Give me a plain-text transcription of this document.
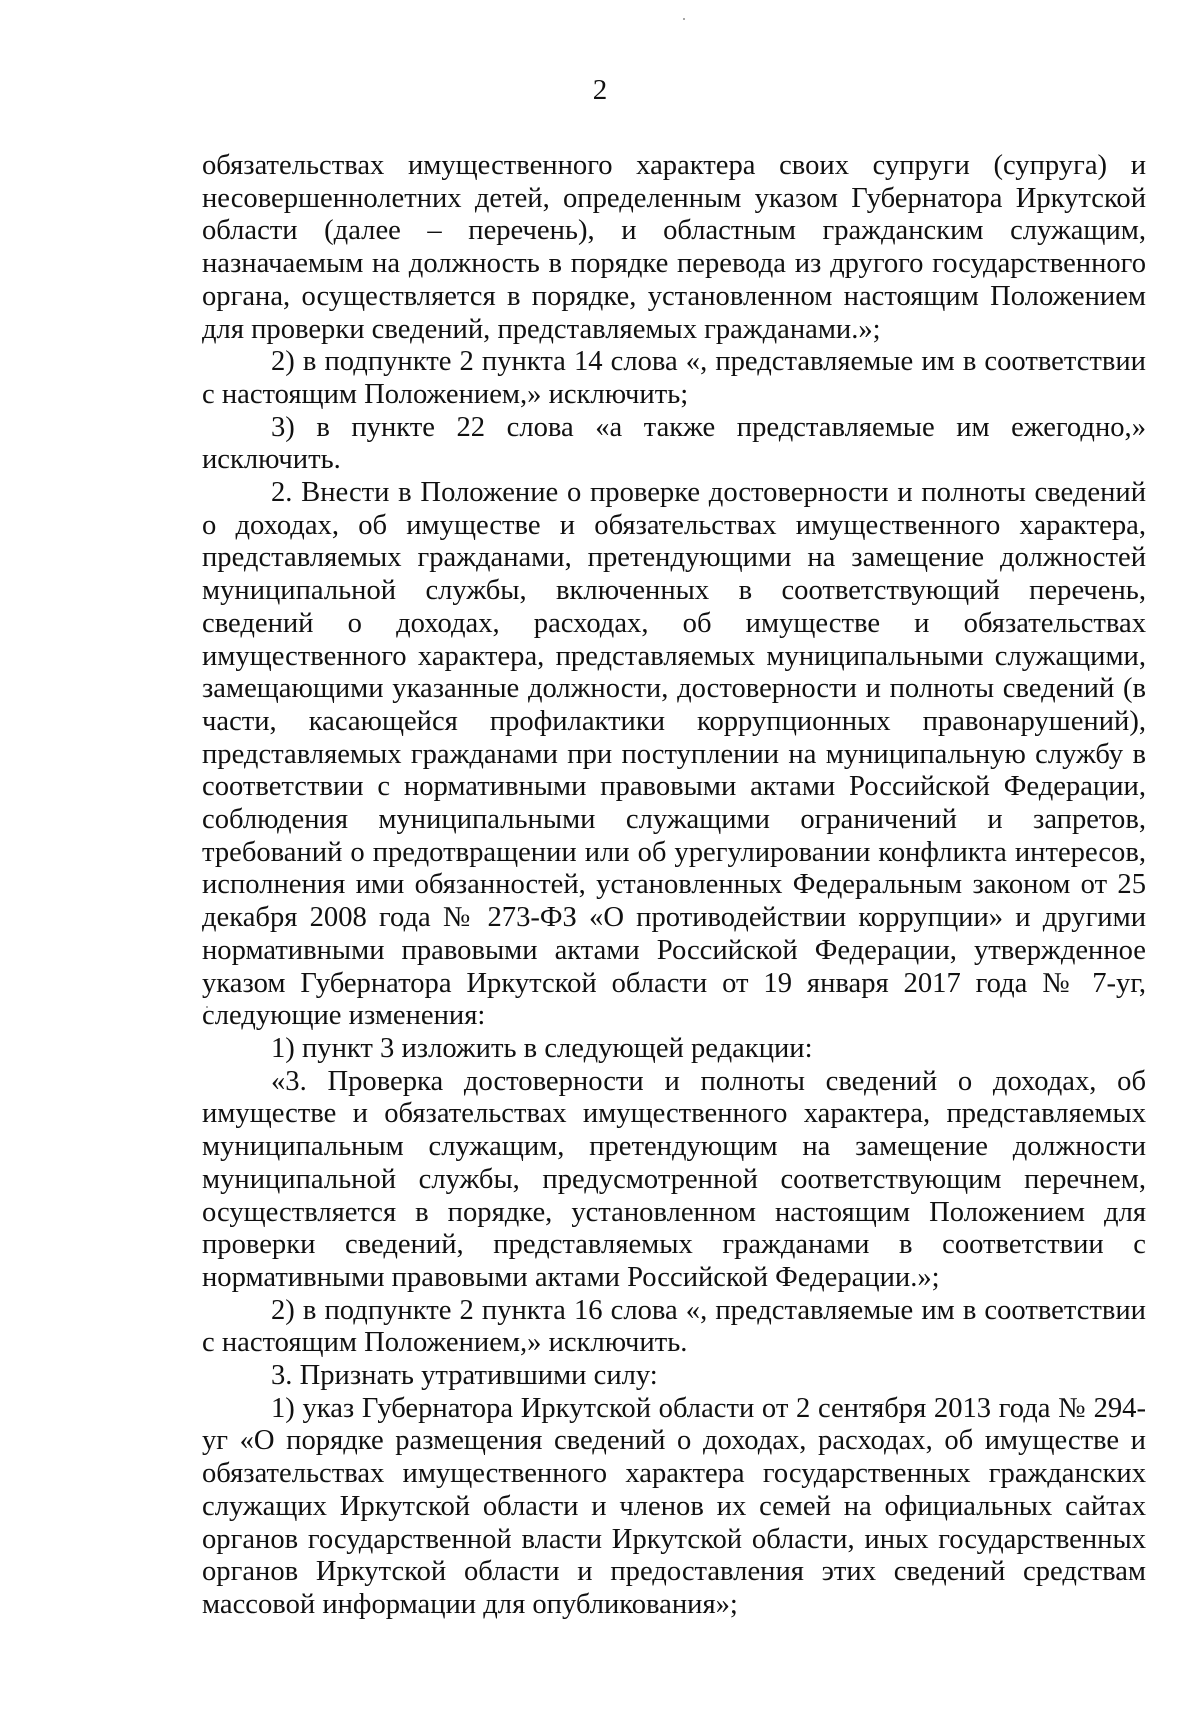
2

обязательствах имущественного характера своих супруги (супруга) и несовершеннолетних детей, определенным указом Губернатора Иркутской области (далее – перечень), и областным гражданским служащим, назначаемым на должность в порядке перевода из другого государственного органа, осуществляется в порядке, установленном настоящим Положением для проверки сведений, представляемых гражданами.»;

2) в подпункте 2 пункта 14 слова «, представляемые им в соответствии с настоящим Положением,» исключить;

3) в пункте 22 слова «а также представляемые им ежегодно,» исключить.

2. Внести в Положение о проверке достоверности и полноты сведений о доходах, об имуществе и обязательствах имущественного характера, представляемых гражданами, претендующими на замещение должностей муниципальной службы, включенных в соответствующий перечень, сведений о доходах, расходах, об имуществе и обязательствах имущественного характера, представляемых муниципальными служащими, замещающими указанные должности, достоверности и полноты сведений (в части, касающейся профилактики коррупционных правонарушений), представляемых гражданами при поступлении на муниципальную службу в соответствии с нормативными правовыми актами Российской Федерации, соблюдения муниципальными служащими ограничений и запретов, требований о предотвращении или об урегулировании конфликта интересов, исполнения ими обязанностей, установленных Федеральным законом от 25 декабря 2008 года № 273-ФЗ «О противодействии коррупции» и другими нормативными правовыми актами Российской Федерации, утвержденное указом Губернатора Иркутской области от 19 января 2017 года № 7-уг, следующие изменения:

1) пункт 3 изложить в следующей редакции:

«3. Проверка достоверности и полноты сведений о доходах, об имуществе и обязательствах имущественного характера, представляемых муниципальным служащим, претендующим на замещение должности муниципальной службы, предусмотренной соответствующим перечнем, осуществляется в порядке, установленном настоящим Положением для проверки сведений, представляемых гражданами в соответствии с нормативными правовыми актами Российской Федерации.»;

2) в подпункте 2 пункта 16 слова «, представляемые им в соответствии с настоящим Положением,» исключить.

3. Признать утратившими силу:

1) указ Губернатора Иркутской области от 2 сентября 2013 года № 294-уг «О порядке размещения сведений о доходах, расходах, об имуществе и обязательствах имущественного характера государственных гражданских служащих Иркутской области и членов их семей на официальных сайтах органов государственной власти Иркутской области, иных государственных органов Иркутской области и предоставления этих сведений средствам массовой информации для опубликования»;
